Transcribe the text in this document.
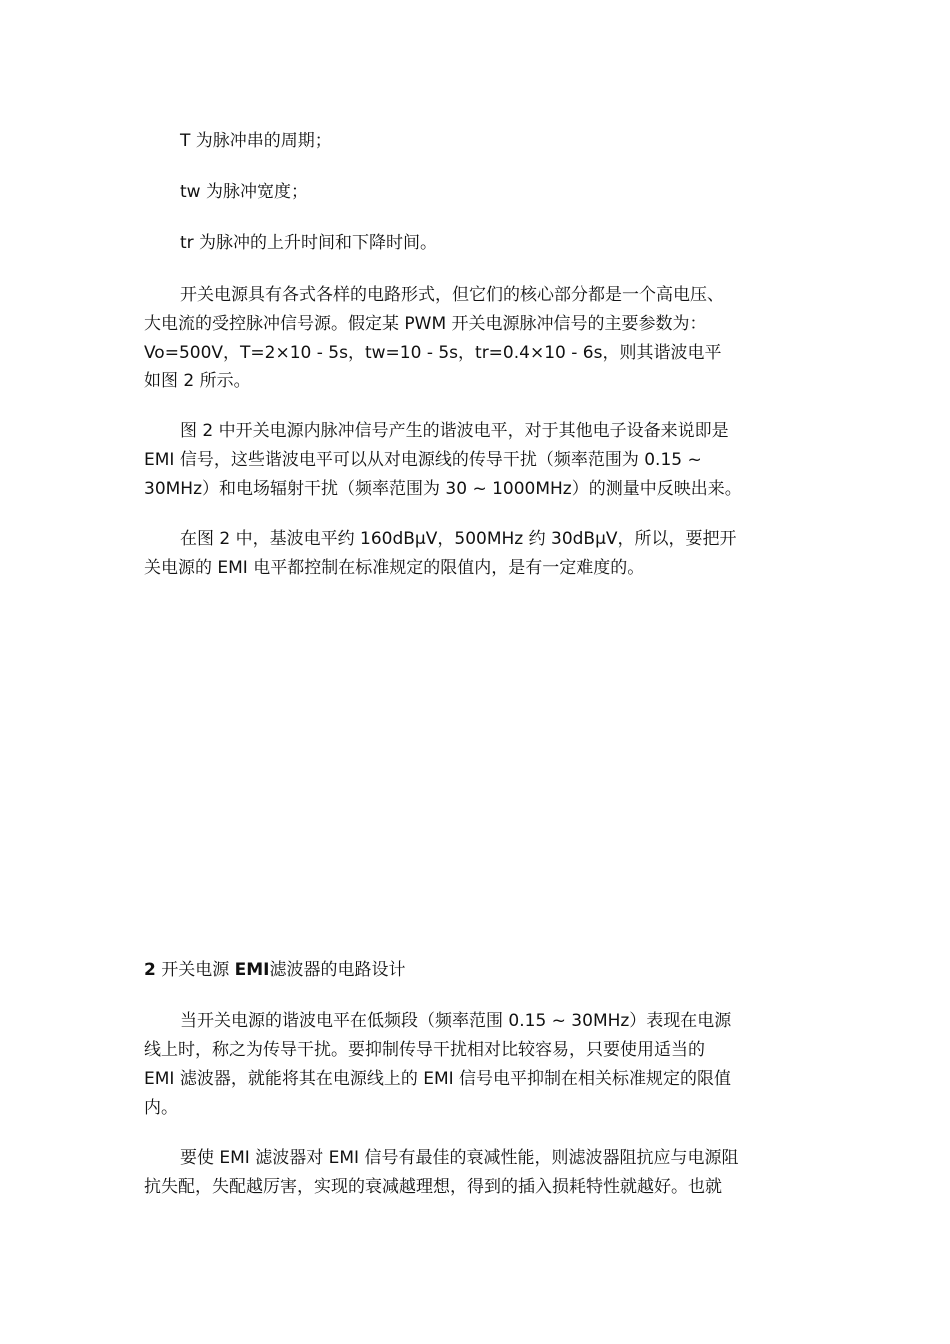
T 为脉冲串的周期；
tw 为脉冲宽度；
tr 为脉冲的上升时间和下降时间。
开关电源具有各式各样的电路形式，但它们的核心部分都是一个高电压、
大电流的受控脉冲信号源。假定某 PWM 开关电源脉冲信号的主要参数为：
Vo=500V，T=2×10 - 5s，tw=10 - 5s，tr=0.4×10 - 6s，则其谐波电平
如图 2 所示。
图 2 中开关电源内脉冲信号产生的谐波电平，对于其他电子设备来说即是
EMI 信号，这些谐波电平可以从对电源线的传导干扰（频率范围为 0.15 ~
30MHz）和电场辐射干扰（频率范围为 30 ~ 1000MHz）的测量中反映出来。
在图 2 中，基波电平约 160dBμV，500MHz 约 30dBμV，所以，要把开
关电源的 EMI 电平都控制在标准规定的限值内，是有一定难度的。
2 开关电源 EMI滤波器的电路设计
当开关电源的谐波电平在低频段（频率范围 0.15 ~ 30MHz）表现在电源
线上时，称之为传导干扰。要抑制传导干扰相对比较容易，只要使用适当的
EMI 滤波器，就能将其在电源线上的 EMI 信号电平抑制在相关标准规定的限值
内。
要使 EMI 滤波器对 EMI 信号有最佳的衰减性能，则滤波器阻抗应与电源阻
抗失配，失配越厉害，实现的衰减越理想，得到的插入损耗特性就越好。也就
